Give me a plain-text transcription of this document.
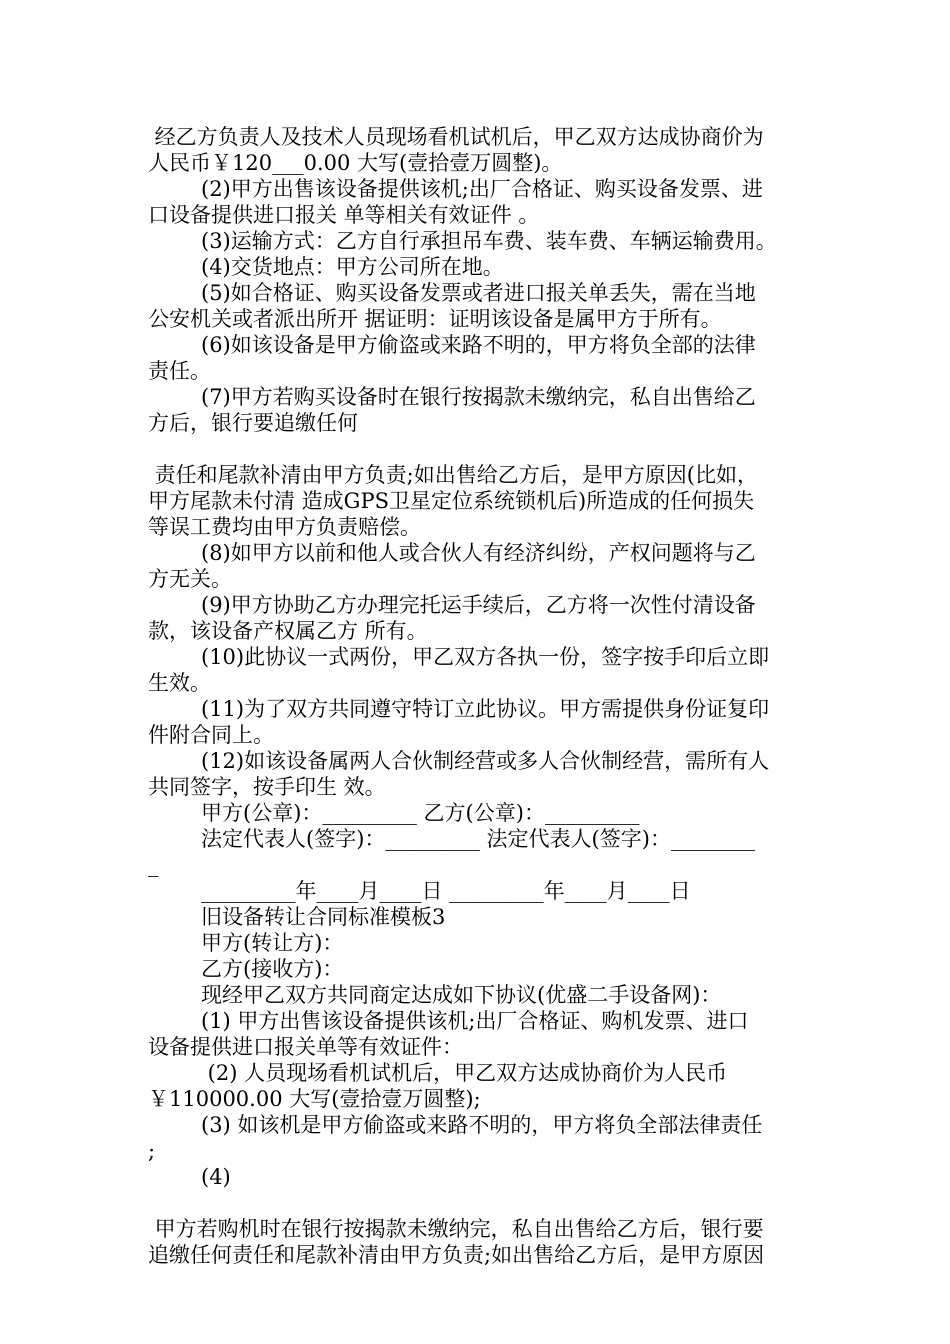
经乙方负责人及技术人员现场看机试机后，甲乙双方达成协商价为
人民币￥120___0.00 大写(壹拾壹万圆整)。
(2)甲方出售该设备提供该机;出厂合格证、购买设备发票、进
口设备提供进口报关 单等相关有效证件 。
(3)运输方式：乙方自行承担吊车费、装车费、车辆运输费用。
(4)交货地点：甲方公司所在地。
(5)如合格证、购买设备发票或者进口报关单丢失，需在当地
公安机关或者派出所开 据证明：证明该设备是属甲方于所有。
(6)如该设备是甲方偷盗或来路不明的，甲方将负全部的法律
责任。
(7)甲方若购买设备时在银行按揭款未缴纳完，私自出售给乙
方后，银行要追缴任何
责任和尾款补清由甲方负责;如出售给乙方后，是甲方原因(比如，
甲方尾款未付清 造成GPS卫星定位系统锁机后)所造成的任何损失
等误工费均由甲方负责赔偿。
(8)如甲方以前和他人或合伙人有经济纠纷，产权问题将与乙
方无关。
(9)甲方协助乙方办理完托运手续后，乙方将一次性付清设备
款，该设备产权属乙方 所有。
(10)此协议一式两份，甲乙双方各执一份，签字按手印后立即
生效。
(11)为了双方共同遵守特订立此协议。甲方需提供身份证复印
件附合同上。
(12)如该设备属两人合伙制经营或多人合伙制经营，需所有人
共同签字，按手印生 效。
甲方(公章)：_________ 乙方(公章)：_________
法定代表人(签字)：_________ 法定代表人(签字)：________
_
_________年____月____日 _________年____月____日
旧设备转让合同标准模板3
甲方(转让方)：
乙方(接收方)：
现经甲乙双方共同商定达成如下协议(优盛二手设备网)：
(1) 甲方出售该设备提供该机;出厂合格证、购机发票、进口
设备提供进口报关单等有效证件：
(2) 人员现场看机试机后，甲乙双方达成协商价为人民币
￥110000.00 大写(壹拾壹万圆整);
(3) 如该机是甲方偷盗或来路不明的，甲方将负全部法律责任
;
(4)
甲方若购机时在银行按揭款未缴纳完，私自出售给乙方后，银行要
追缴任何责任和尾款补清由甲方负责;如出售给乙方后，是甲方原因
